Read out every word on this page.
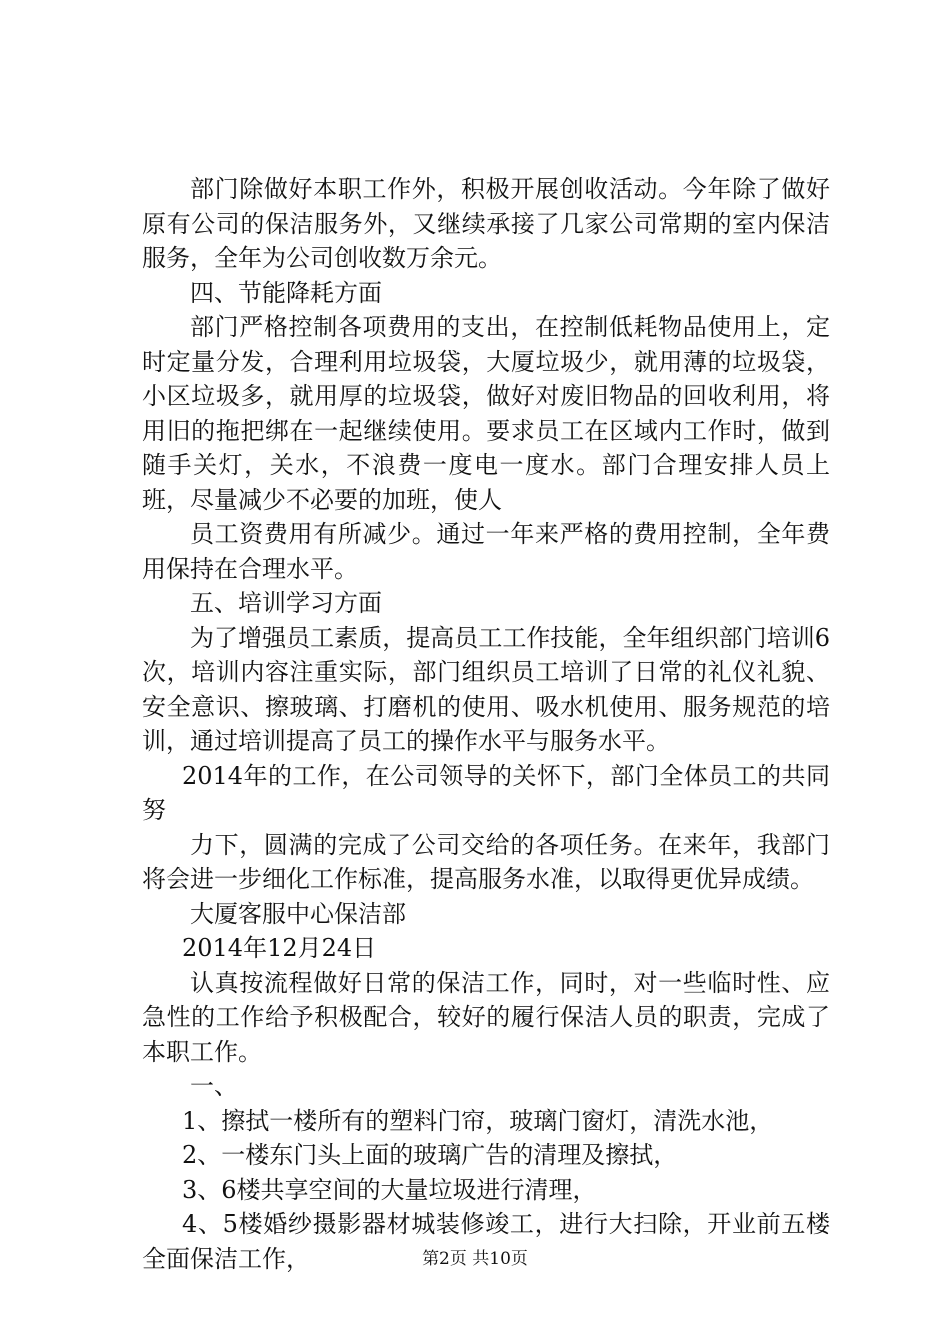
部门除做好本职工作外，积极开展创收活动。今年除了做好原有公司的保洁服务外，又继续承接了几家公司常期的室内保洁服务，全年为公司创收数万余元。

四、节能降耗方面

部门严格控制各项费用的支出，在控制低耗物品使用上，定时定量分发，合理利用垃圾袋，大厦垃圾少，就用薄的垃圾袋，小区垃圾多，就用厚的垃圾袋，做好对废旧物品的回收利用，将用旧的拖把绑在一起继续使用。要求员工在区域内工作时，做到随手关灯，关水，不浪费一度电一度水。部门合理安排人员上班，尽量减少不必要的加班，使人

员工资费用有所减少。通过一年来严格的费用控制，全年费用保持在合理水平。

五、培训学习方面

为了增强员工素质，提高员工工作技能，全年组织部门培训6次，培训内容注重实际，部门组织员工培训了日常的礼仪礼貌、安全意识、擦玻璃、打磨机的使用、吸水机使用、服务规范的培训，通过培训提高了员工的操作水平与服务水平。

2014年的工作，在公司领导的关怀下，部门全体员工的共同努

力下，圆满的完成了公司交给的各项任务。在来年，我部门将会进一步细化工作标准，提高服务水准，以取得更优异成绩。

大厦客服中心保洁部

2014年12月24日

认真按流程做好日常的保洁工作，同时，对一些临时性、应急性的工作给予积极配合，较好的履行保洁人员的职责，完成了本职工作。

一、

1、擦拭一楼所有的塑料门帘，玻璃门窗灯，清洗水池，

2、一楼东门头上面的玻璃广告的清理及擦拭，

3、6楼共享空间的大量垃圾进行清理，

4、5楼婚纱摄影器材城装修竣工，进行大扫除，开业前五楼全面保洁工作，	第2页 共10页
